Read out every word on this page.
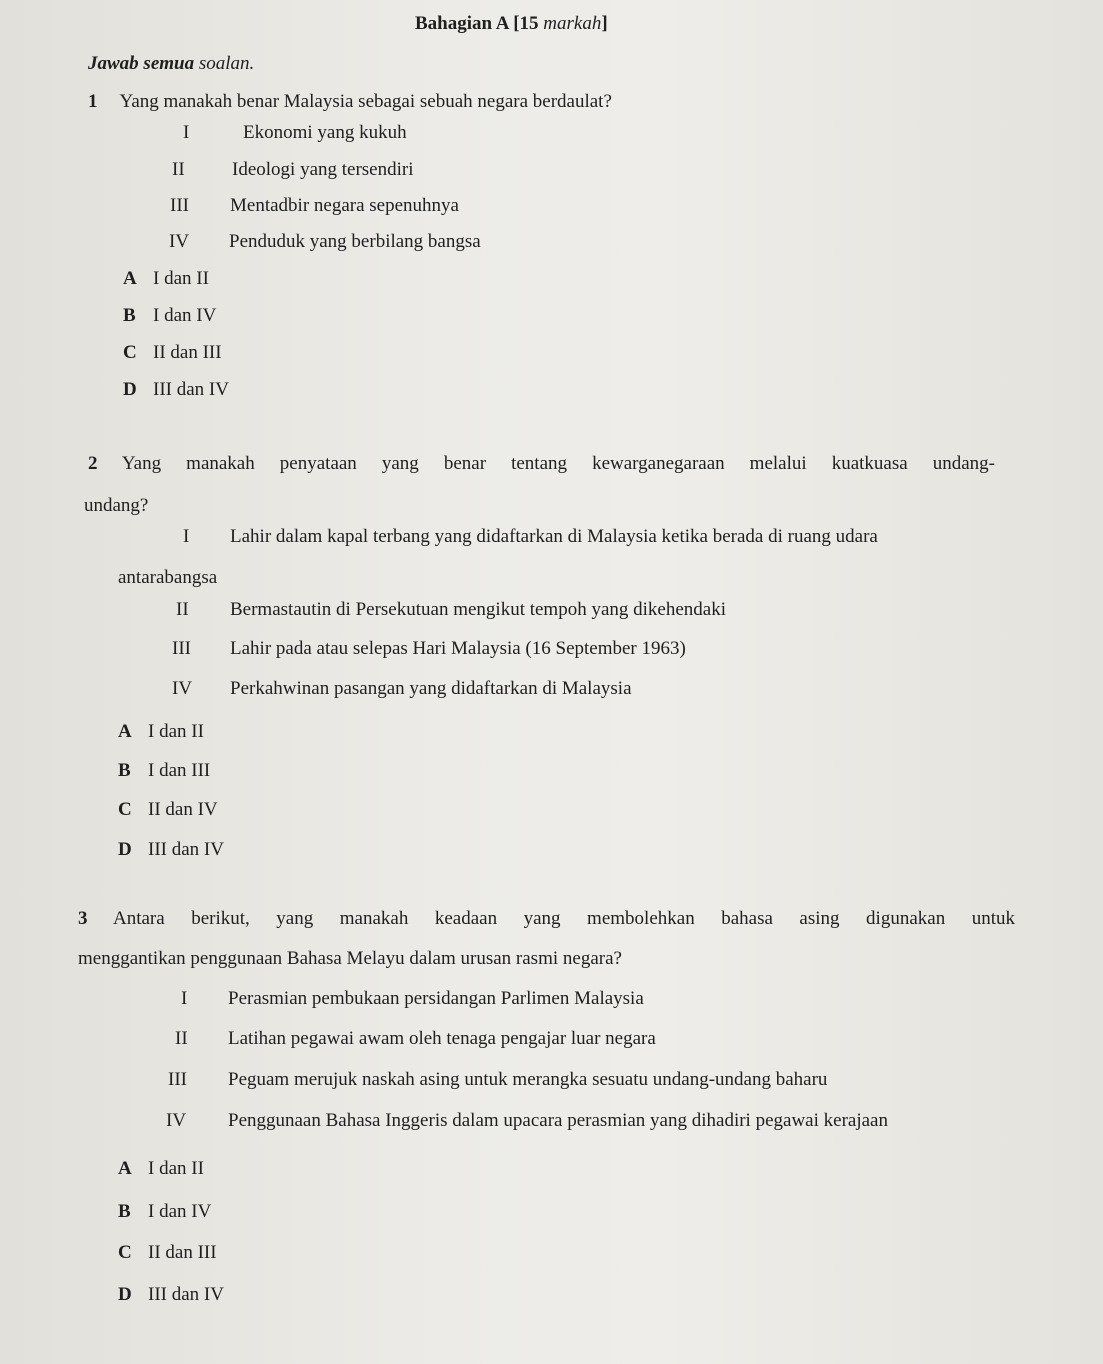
Bahagian A [15 markah]
Jawab semua soalan.
1 Yang manakah benar Malaysia sebagai sebuah negara berdaulat?
I	Ekonomi yang kukuh
II Ideologi yang tersendiri
III Mentadbir negara sepenuhnya
IV Penduduk yang berbilang bangsa
A I dan II
B I dan IV
C II dan III
D III dan IV
2 Yang manakah penyataan yang benar tentang kewarganegaraan melalui kuatkuasa undang-
undang?
I Lahir dalam kapal terbang yang didaftarkan di Malaysia ketika berada di ruang udara
antarabangsa
II Bermastautin di Persekutuan mengikut tempoh yang dikehendaki
III Lahir pada atau selepas Hari Malaysia (16 September 1963)
IV Perkahwinan pasangan yang didaftarkan di Malaysia
A I dan II
B I dan III
C II dan IV
D III dan IV
3 Antara berikut, yang manakah keadaan yang membolehkan bahasa asing digunakan untuk
menggantikan penggunaan Bahasa Melayu dalam urusan rasmi negara?
I Perasmian pembukaan persidangan Parlimen Malaysia
II Latihan pegawai awam oleh tenaga pengajar luar negara
III Peguam merujuk naskah asing untuk merangka sesuatu undang-undang baharu
IV Penggunaan Bahasa Inggeris dalam upacara perasmian yang dihadiri pegawai kerajaan
A I dan II
B I dan IV
C II dan III
D III dan IV
